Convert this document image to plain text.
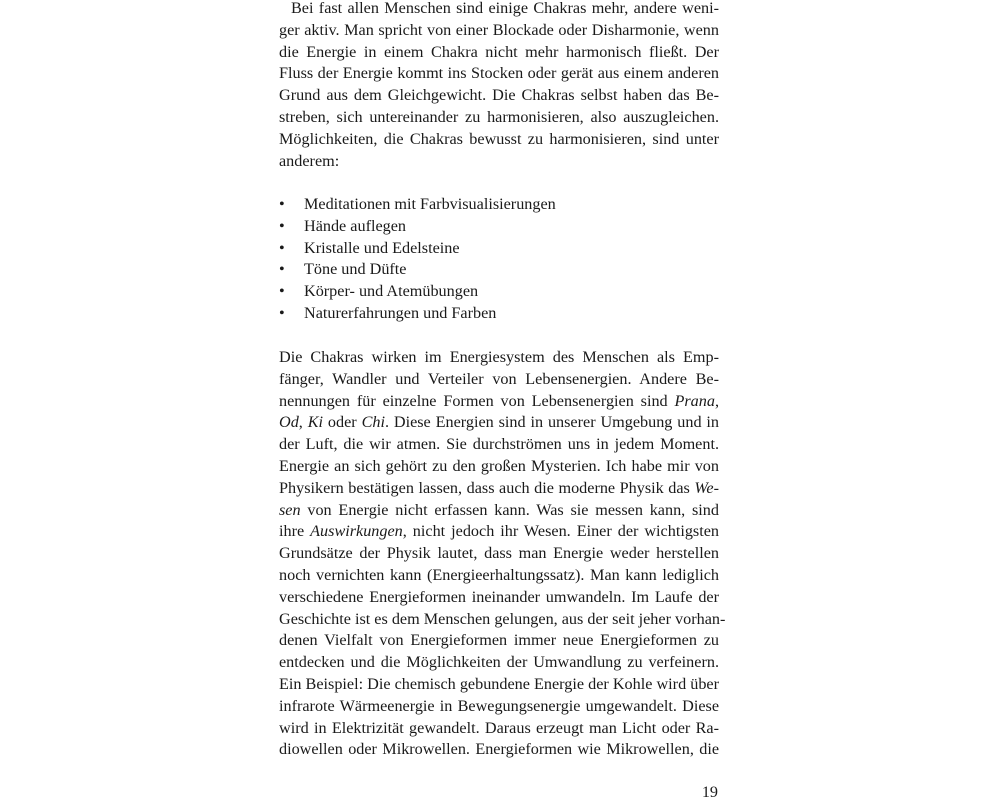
Bei fast allen Menschen sind einige Chakras mehr, andere weni-
ger aktiv. Man spricht von einer Blockade oder Disharmonie, wenn
die Energie in einem Chakra nicht mehr harmonisch fließt. Der
Fluss der Energie kommt ins Stocken oder gerät aus einem anderen
Grund aus dem Gleichgewicht. Die Chakras selbst haben das Be-
streben, sich untereinander zu harmonisieren, also auszugleichen.
Möglichkeiten, die Chakras bewusst zu harmonisieren, sind unter
anderem:

• Meditationen mit Farbvisualisierungen
• Hände auflegen
• Kristalle und Edelsteine
• Töne und Düfte
• Körper- und Atemübungen
• Naturerfahrungen und Farben

Die Chakras wirken im Energiesystem des Menschen als Emp-
fänger, Wandler und Verteiler von Lebensenergien. Andere Be-
nennungen für einzelne Formen von Lebensenergien sind Prana,
Od, Ki oder Chi. Diese Energien sind in unserer Umgebung und in
der Luft, die wir atmen. Sie durchströmen uns in jedem Moment.
Energie an sich gehört zu den großen Mysterien. Ich habe mir von
Physikern bestätigen lassen, dass auch die moderne Physik das We-
sen von Energie nicht erfassen kann. Was sie messen kann, sind
ihre Auswirkungen, nicht jedoch ihr Wesen. Einer der wichtigsten
Grundsätze der Physik lautet, dass man Energie weder herstellen
noch vernichten kann (Energieerhaltungssatz). Man kann lediglich
verschiedene Energieformen ineinander umwandeln. Im Laufe der
Geschichte ist es dem Menschen gelungen, aus der seit jeher vorhan-
denen Vielfalt von Energieformen immer neue Energieformen zu
entdecken und die Möglichkeiten der Umwandlung zu verfeinern.
Ein Beispiel: Die chemisch gebundene Energie der Kohle wird über
infrarote Wärmeenergie in Bewegungsenergie umgewandelt. Diese
wird in Elektrizität gewandelt. Daraus erzeugt man Licht oder Ra-
diowellen oder Mikrowellen. Energieformen wie Mikrowellen, die

19
